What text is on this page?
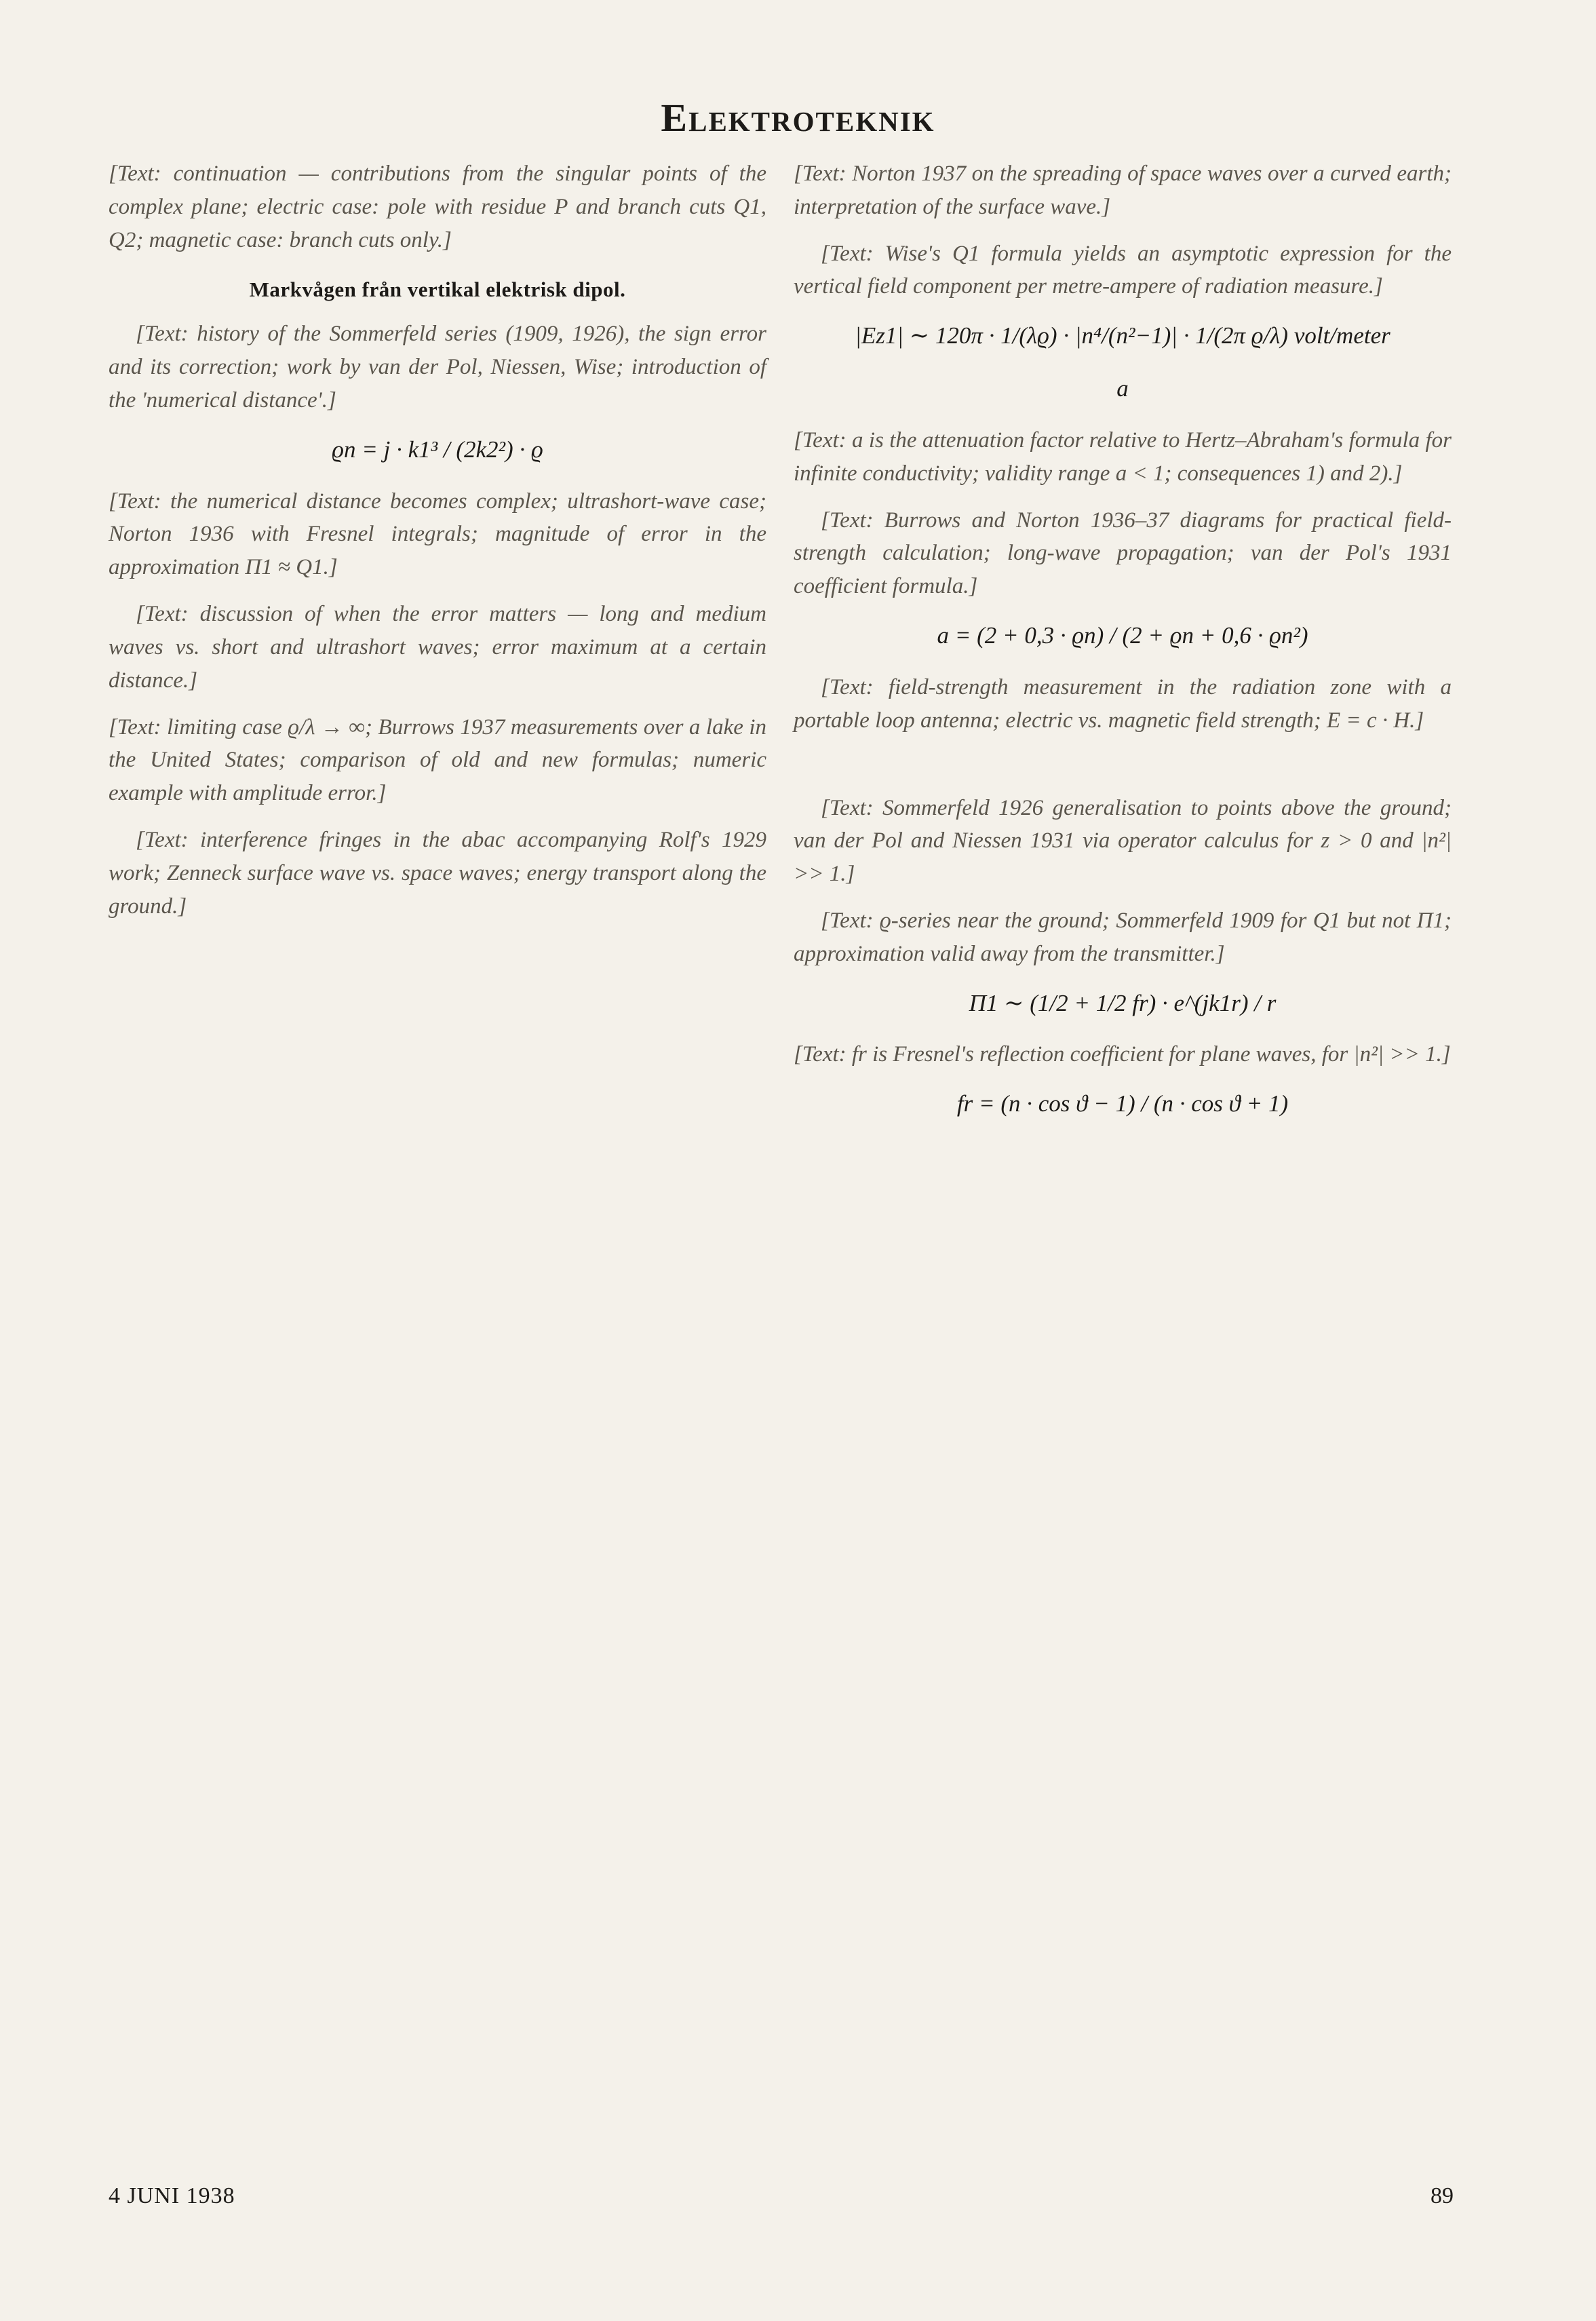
Elektroteknik

[Text: continuation — contributions from the singular points of the complex plane; electric case: pole with residue P and branch cuts Q1, Q2; magnetic case: branch cuts only.]

Markvågen från vertikal elektrisk dipol.

[Text: history of the Sommerfeld series (1909, 1926), the sign error and its correction; work by van der Pol, Niessen, Wise; introduction of the 'numerical distance'.]

ϱn = j · k1³ / (2k2²) · ϱ

[Text: the numerical distance becomes complex; ultrashort-wave case; Norton 1936 with Fresnel integrals; magnitude of error in the approximation Π1 ≈ Q1.]

[Text: discussion of when the error matters — long and medium waves vs. short and ultrashort waves; error maximum at a certain distance.]

[Text: limiting case ϱ/λ → ∞; Burrows 1937 measurements over a lake in the United States; comparison of old and new formulas; numeric example with amplitude error.]

[Text: interference fringes in the abac accompanying Rolf's 1929 work; Zenneck surface wave vs. space waves; energy transport along the ground.]

[Text: Norton 1937 on the spreading of space waves over a curved earth; interpretation of the surface wave.]

[Text: Wise's Q1 formula yields an asymptotic expression for the vertical field component per metre-ampere of radiation measure.]

|Ez1| ∼ 120π · 1/(λϱ) · |n⁴/(n²−1)| · 1/(2π ϱ/λ) volt/meter
a

[Text: a is the attenuation factor relative to Hertz–Abraham's formula for infinite conductivity; validity range a < 1; consequences 1) and 2).]

[Text: Burrows and Norton 1936–37 diagrams for practical field-strength calculation; long-wave propagation; van der Pol's 1931 coefficient formula.]

a = (2 + 0,3 · ϱn) / (2 + ϱn + 0,6 · ϱn²)

[Text: field-strength measurement in the radiation zone with a portable loop antenna; electric vs. magnetic field strength; E = c · H.]

[Text: Sommerfeld 1926 generalisation to points above the ground; van der Pol and Niessen 1931 via operator calculus for z > 0 and |n²| >> 1.]

[Text: ϱ-series near the ground; Sommerfeld 1909 for Q1 but not Π1; approximation valid away from the transmitter.]

Π1 ∼ (1/2 + 1/2 fr) · e^(jk1r) / r

[Text: fr is Fresnel's reflection coefficient for plane waves, for |n²| >> 1.]

fr = (n · cos ϑ − 1) / (n · cos ϑ + 1)
4 JUNI 1938	89
